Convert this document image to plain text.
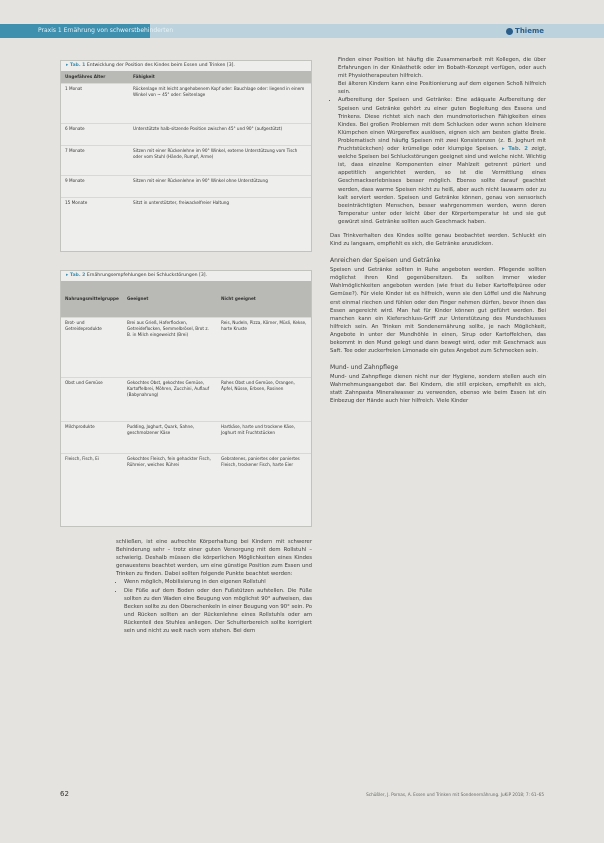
Praxis 1 Ernährung von schwerstbehinderten	Thieme
▸ Tab. 1 Entwicklung der Position des Kindes beim Essen und Trinken [3].
Ungefähres Alter	Fähigkeit
1 Monat	Rückenlage mit leicht angehobenem Kopf oder: Bauchlage oder: liegend in einem Winkel von ~ 45° oder: Seitenlage
6 Monate	Unterstützte halb-sitzende Position zwischen 45° und 90° (aufgestützt)
7 Monate	Sitzen mit einer Rückenlehne im 90° Winkel, externe Unterstützung vom Tisch oder vom Stuhl (Hände, Rumpf, Arme)
9 Monate	Sitzen mit einer Rückenlehne im 90° Winkel ohne Unterstützung
15 Monate	Sitzt in unterstützter, freiwackelfreier Haltung
▸ Tab. 2 Ernährungsempfehlungen bei Schluckstörungen [3].
Nahrungsmittelgruppe	Geeignet	Nicht geeignet
Brot- und Getreideprodukte	Brei aus Grieß, Haferflocken, Getreideflocken, Semmelbrösel, Brot z. B. in Milch eingeweicht (Brei)	Reis, Nudeln, Pizza, Körner, Müsli, Kekse, harte Kruste
Obst und Gemüse	Gekochtes Obst, gekochtes Gemüse, Kartoffelbrei, Möhren, Zucchini, Auflauf (Babynahrung)	Rohes Obst und Gemüse, Orangen, Äpfel, Nüsse, Erbsen, Rosinen
Milchprodukte	Pudding, Joghurt, Quark, Sahne, geschmolzener Käse	Hartkäse, harte und trockene Käse, Joghurt mit Fruchtstücken
Fleisch, Fisch, Ei	Gekochtes Fleisch, fein gehackter Fisch, Rühreier, weiches Rührei	Gebratenes, paniertes oder paniertes Fleisch, trockener Fisch, harte Eier

schließen, ist eine aufrechte Körperhaltung bei Kindern mit schwerer Behinderung sehr – trotz einer guten Versorgung mit dem Rollstuhl – schwierig. Deshalb müssen die körperlichen Möglichkeiten eines Kindes genauestens beachtet werden, um eine günstige Position zum Essen und Trinken zu finden. Dabei sollten folgende Punkte beachtet werden:

• Wenn möglich, Mobilisierung in den eigenen Rollstuhl
• Die Füße auf dem Boden oder den Fußstützen aufstellen. Die Füße sollten zu den Waden eine Beugung von möglichst 90° aufweisen, das Becken sollte zu den Oberschenkeln in einer Beugung von 90° sein. Po und Rücken sollten an der Rückenlehne eines Rollstuhls oder am Rückenteil des Stuhles anliegen. Der Schulterbereich sollte korrigiert sein und nicht zu weit nach vorn stehen. Bei dem

Finden einer Position ist häufig die Zusammenarbeit mit Kollegen, die über Erfahrungen in der Kinästhetik oder im Bobath-Konzept verfügen, oder auch mit Physiotherapeuten hilfreich.

Bei älteren Kindern kann eine Positionierung auf dem eigenen Schoß hilfreich sein.

• Aufbereitung der Speisen und Getränke: Eine adäquate Aufbereitung der Speisen und Getränke gehört zu einer guten Begleitung des Essens und Trinkens. Diese richtet sich nach den mundmotorischen Fähigkeiten eines Kindes. Bei großen Problemen mit dem Schlucken oder wenn schon kleinere Klümpchen einen Würgereflex auslösen, eignen sich am besten glatte Breie. Problematisch sind häufig Speisen mit zwei Konsistenzen (z. B. Joghurt mit Fruchtstückchen) oder krümelige oder klumpige Speisen. ▸ Tab. 2 zeigt, welche Speisen bei Schluckstörungen geeignet sind und welche nicht. Wichtig ist, dass einzelne Komponenten einer Mahlzeit getrennt püriert und appetitlich angerichtet werden, so ist die Vermittlung eines Geschmackserlebnisses besser möglich. Ebenso sollte darauf geachtet werden, dass warme Speisen nicht zu heiß, aber auch nicht lauwarm oder zu kalt serviert werden. Speisen und Getränke können, genau von sensorisch beeinträchtigten Menschen, besser wahrgenommen werden, wenn deren Temperatur unter oder leicht über der Körpertemperatur ist und sie gut gewürzt sind. Getränke sollten auch Geschmack haben.

Das Trinkverhalten des Kindes sollte genau beobachtet werden. Schluckt ein Kind zu langsam, empfiehlt es sich, die Getränke anzudicken.

Anreichen der Speisen und Getränke

Speisen und Getränke sollten in Ruhe angeboten werden. Pflegende sollten möglichst ihren Kind gegenübersitzen. Es sollten immer wieder Wahlmöglichkeiten angeboten werden (wie frisst du lieber Kartoffelpüree oder Gemüse?). Für viele Kinder ist es hilfreich, wenn sie den Löffel und die Nahrung erst einmal riechen und fühlen oder den Finger nehmen dürfen, bevor ihnen das Essen angereicht wird. Man hat für Kinder können gut geführt werden. Bei manchen kann ein Kieferschluss-Griff zur Unterstützung des Mundschlusses hilfreich sein. An Trinken mit Sondenernährung sollte, je nach Möglichkeit, Angebote in unter der Mundhöhle in einen, Sirup oder Kartoffelchen, das bekommt in den Mund gelegt und dann bewegt wird, oder mit Geschmack aus Saft. Tee oder zuckerfreien Limonade ein gutes Angebot zum Schmecken sein.

Mund- und Zahnpflege

Mund- und Zahnpflege dienen nicht nur der Hygiene, sondern stellen auch ein Wahrnehmungsangebot dar. Bei Kindern, die still erpicken, empfiehlt es sich, statt Zahnpasta Mineralwasser zu verwenden, ebenso wie beim Essen ist ein Einbezug der Hände auch hier hilfreich. Viele Kinder

62	Schüßler, J. Pornas, A. Essen und Trinken mit Sondenernährung. JuKiP 2018; 7: 61–65
